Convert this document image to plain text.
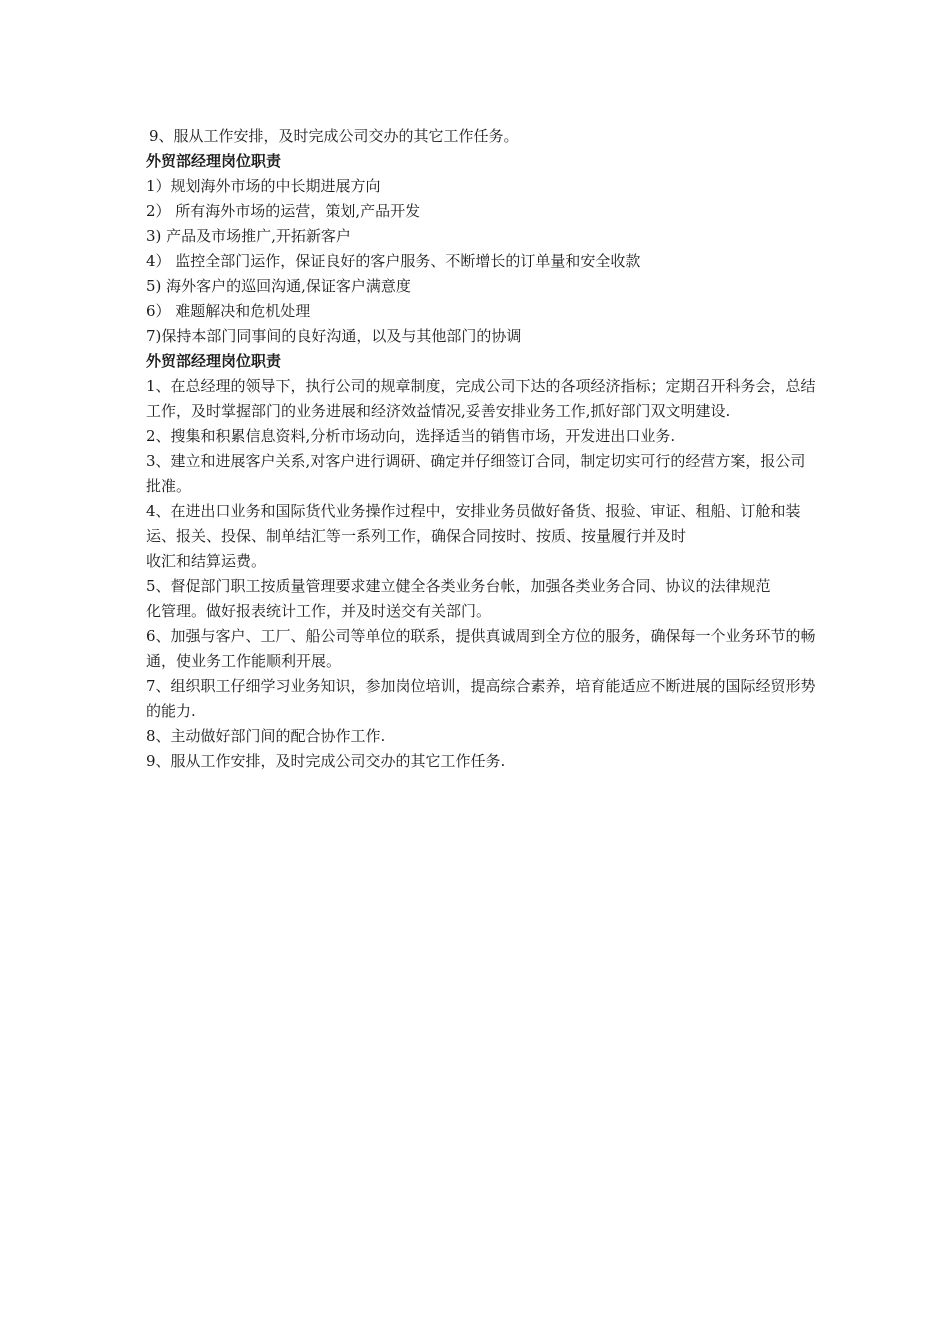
9、服从工作安排，及时完成公司交办的其它工作任务。

外贸部经理岗位职责

1）规划海外市场的中长期进展方向

2） 所有海外市场的运营，策划,产品开发

3) 产品及市场推广,开拓新客户

4） 监控全部门运作，保证良好的客户服务、不断增长的订单量和安全收款

5) 海外客户的巡回沟通,保证客户满意度

6） 难题解决和危机处理

7)保持本部门同事间的良好沟通，以及与其他部门的协调

外贸部经理岗位职责

1、在总经理的领导下，执行公司的规章制度，完成公司下达的各项经济指标；定期召开科务会，总结工作，及时掌握部门的业务进展和经济效益情况,妥善安排业务工作,抓好部门双文明建设.

2、搜集和积累信息资料,分析市场动向，选择适当的销售市场，开发进出口业务.

3、建立和进展客户关系,对客户进行调研、确定并仔细签订合同，制定切实可行的经营方案，报公司批准。

4、在进出口业务和国际货代业务操作过程中，安排业务员做好备货、报验、审证、租船、订舱和装运、报关、投保、制单结汇等一系列工作，确保合同按时、按质、按量履行并及时

收汇和结算运费。

5、督促部门职工按质量管理要求建立健全各类业务台帐，加强各类业务合同、协议的法律规范

化管理。做好报表统计工作，并及时送交有关部门。

6、加强与客户、工厂、船公司等单位的联系，提供真诚周到全方位的服务，确保每一个业务环节的畅通，使业务工作能顺利开展。

7、组织职工仔细学习业务知识，参加岗位培训，提高综合素养，培育能适应不断进展的国际经贸形势的能力.

8、主动做好部门间的配合协作工作.

9、服从工作安排，及时完成公司交办的其它工作任务.
